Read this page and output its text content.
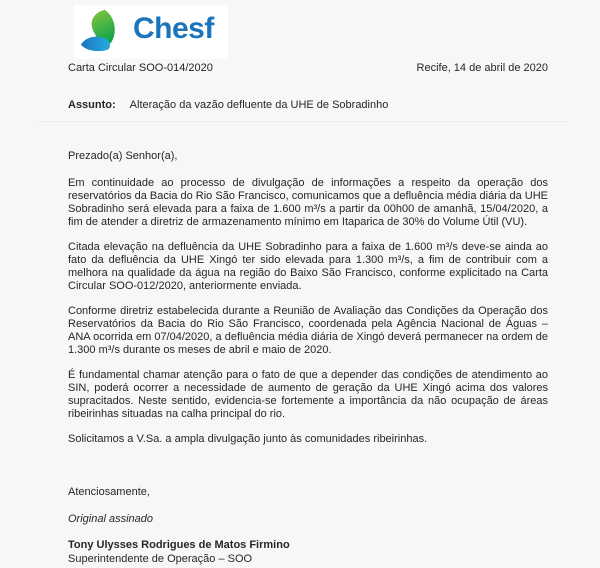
Chesf
Carta Circular SOO-014/2020	Recife, 14 de abril de 2020
Assunto: Alteração da vazão defluente da UHE de Sobradinho

Prezado(a) Senhor(a),

Em continuidade ao processo de divulgação de informações a respeito da operação dos reservatórios da Bacia do Rio São Francisco, comunicamos que a defluência média diária da UHE Sobradinho será elevada para a faixa de 1.600 m³/s a partir da 00h00 de amanhã, 15/04/2020, a fim de atender a diretriz de armazenamento mínimo em Itaparica de 30% do Volume Útil (VU).

Citada elevação na defluência da UHE Sobradinho para a faixa de 1.600 m³/s deve-se ainda ao fato da defluência da UHE Xingó ter sido elevada para 1.300 m³/s, a fim de contribuir com a melhora na qualidade da água na região do Baixo São Francisco, conforme explicitado na Carta Circular SOO-012/2020, anteriormente enviada.

Conforme diretriz estabelecida durante a Reunião de Avaliação das Condições da Operação dos Reservatórios da Bacia do Rio São Francisco, coordenada pela Agência Nacional de Águas – ANA ocorrida em 07/04/2020, a defluência média diária de Xingó deverá permanecer na ordem de 1.300 m³/s durante os meses de abril e maio de 2020.

É fundamental chamar atenção para o fato de que a depender das condições de atendimento ao SIN, poderá ocorrer a necessidade de aumento de geração da UHE Xingó acima dos valores supracitados. Neste sentido, evidencia-se fortemente a importância da não ocupação de áreas ribeirinhas situadas na calha principal do rio.

Solicitamos a V.Sa. a ampla divulgação junto às comunidades ribeirinhas.

Atenciosamente,

Original assinado

Tony Ulysses Rodrigues de Matos Firmino

Superintendente de Operação – SOO
